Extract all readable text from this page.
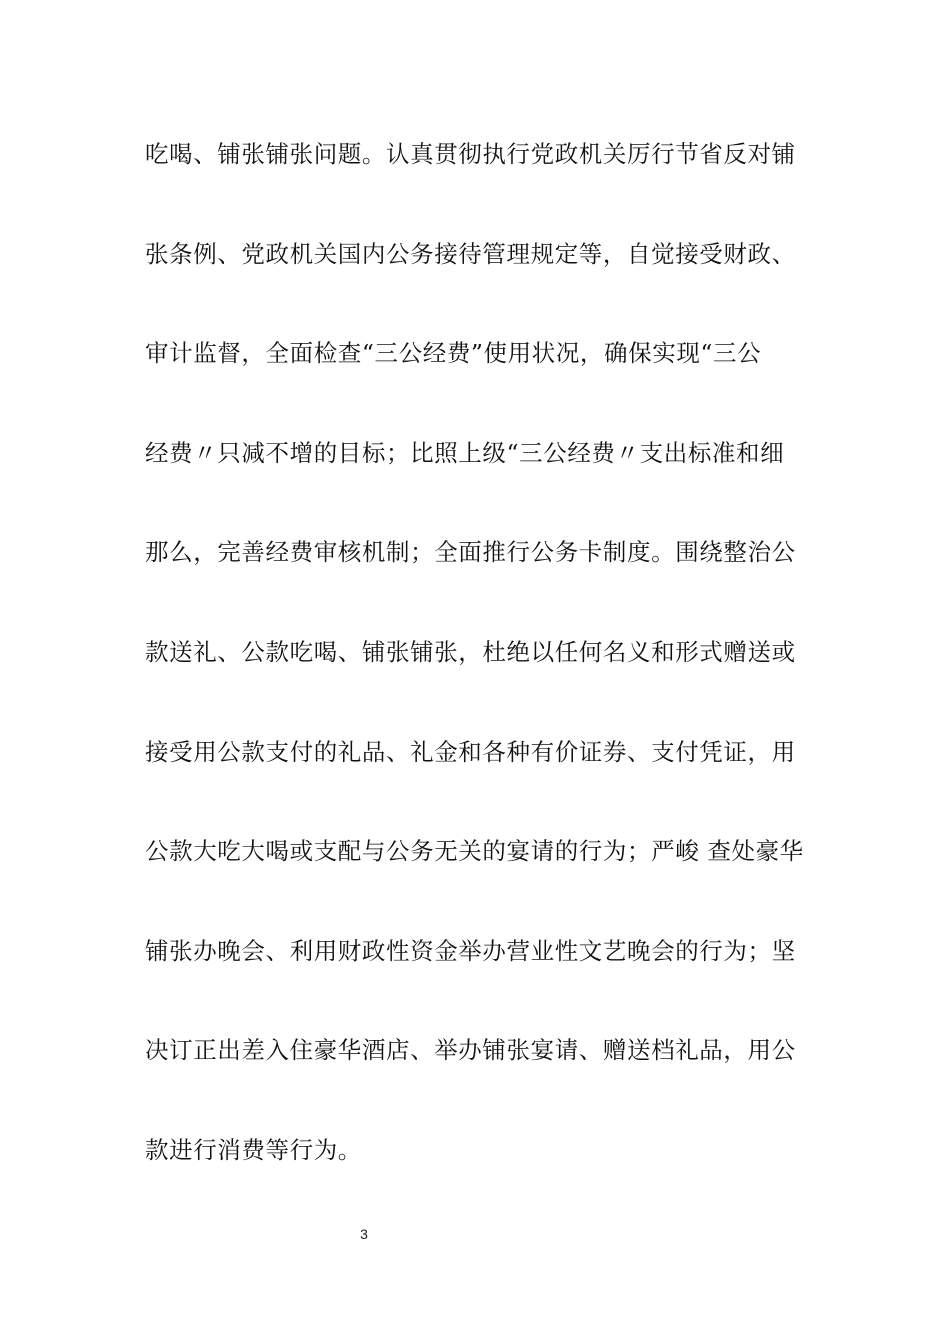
吃喝、铺张铺张问题。认真贯彻执行党政机关厉行节省反对铺
张条例、党政机关国内公务接待管理规定等，自觉接受财政、
审计监督，全面检查“三公经费”使用状况，确保实现“三公
经费〃只减不增的目标；比照上级“三公经费〃支出标准和细
那么，完善经费审核机制；全面推行公务卡制度。围绕整治公
款送礼、公款吃喝、铺张铺张，杜绝以任何名义和形式赠送或
接受用公款支付的礼品、礼金和各种有价证券、支付凭证，用
公款大吃大喝或支配与公务无关的宴请的行为；严峻 查处豪华
铺张办晚会、利用财政性资金举办营业性文艺晚会的行为；坚
决订正出差入住豪华酒店、举办铺张宴请、赠送档礼品，用公
款进行消费等行为。
3
